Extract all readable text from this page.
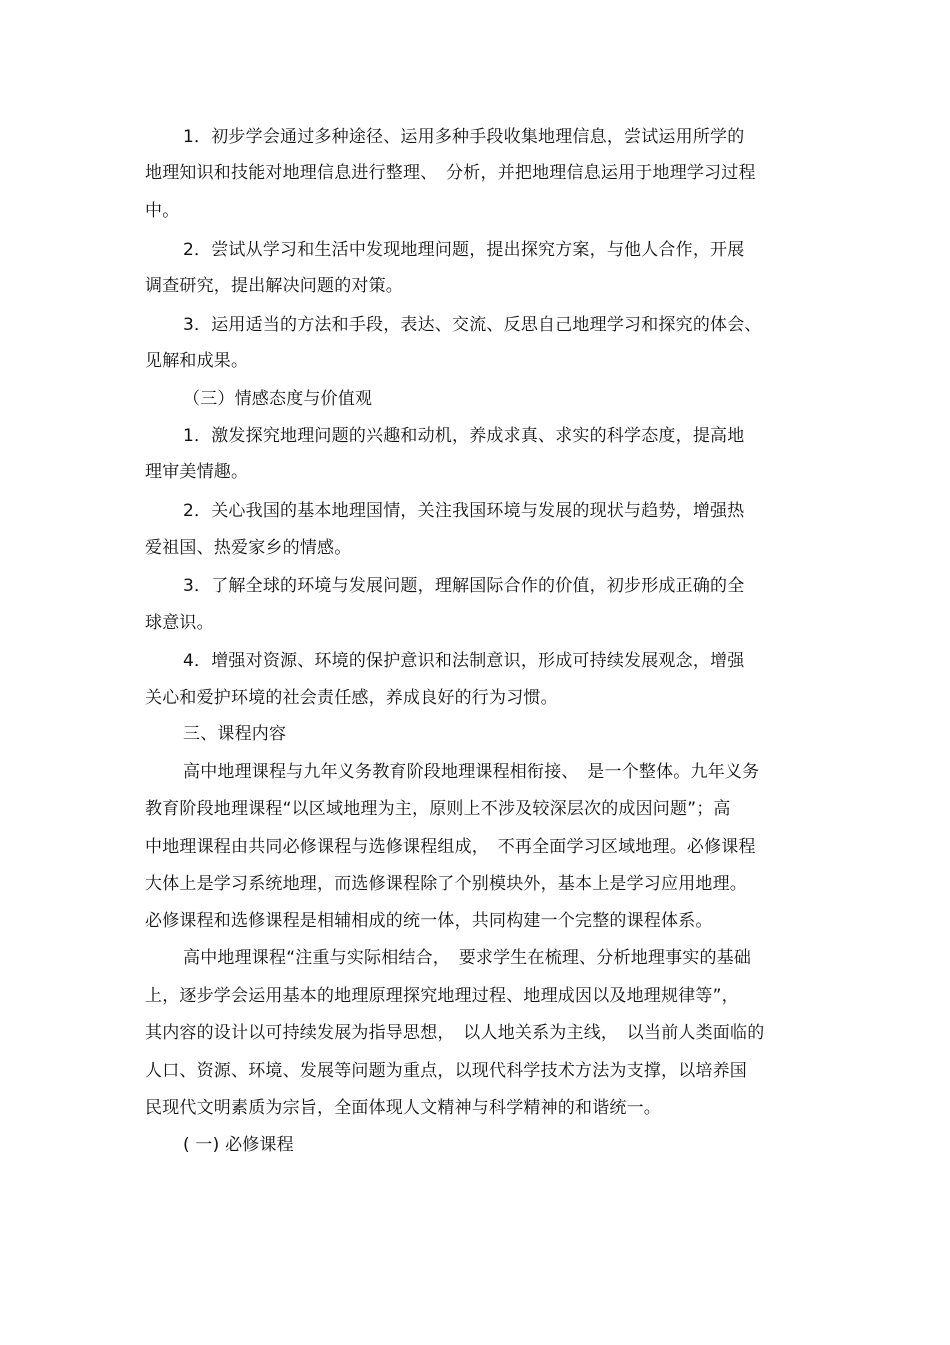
1．初步学会通过多种途径、运用多种手段收集地理信息，尝试运用所学的
地理知识和技能对地理信息进行整理、　分析，并把地理信息运用于地理学习过程
中。
2．尝试从学习和生活中发现地理问题，提出探究方案，与他人合作，开展
调查研究，提出解决问题的对策。
3．运用适当的方法和手段，表达、交流、反思自己地理学习和探究的体会、
见解和成果。
（三）情感态度与价值观
1．激发探究地理问题的兴趣和动机，养成求真、求实的科学态度，提高地
理审美情趣。
2．关心我国的基本地理国情，关注我国环境与发展的现状与趋势，增强热
爱祖国、热爱家乡的情感。
3．了解全球的环境与发展问题，理解国际合作的价值，初步形成正确的全
球意识。
4．增强对资源、环境的保护意识和法制意识，形成可持续发展观念，增强
关心和爱护环境的社会责任感，养成良好的行为习惯。
三、课程内容
高中地理课程与九年义务教育阶段地理课程相衔接、　是一个整体。九年义务
教育阶段地理课程“以区域地理为主，原则上不涉及较深层次的成因问题”；高
中地理课程由共同必修课程与选修课程组成，　不再全面学习区域地理。必修课程
大体上是学习系统地理，而选修课程除了个别模块外，基本上是学习应用地理。
必修课程和选修课程是相辅相成的统一体，共同构建一个完整的课程体系。
高中地理课程“注重与实际相结合，　要求学生在梳理、分析地理事实的基础
上，逐步学会运用基本的地理原理探究地理过程、地理成因以及地理规律等”，
其内容的设计以可持续发展为指导思想，　以人地关系为主线，　以当前人类面临的
人口、资源、环境、发展等问题为重点，以现代科学技术方法为支撑，以培养国
民现代文明素质为宗旨，全面体现人文精神与科学精神的和谐统一。
( 一) 必修课程
